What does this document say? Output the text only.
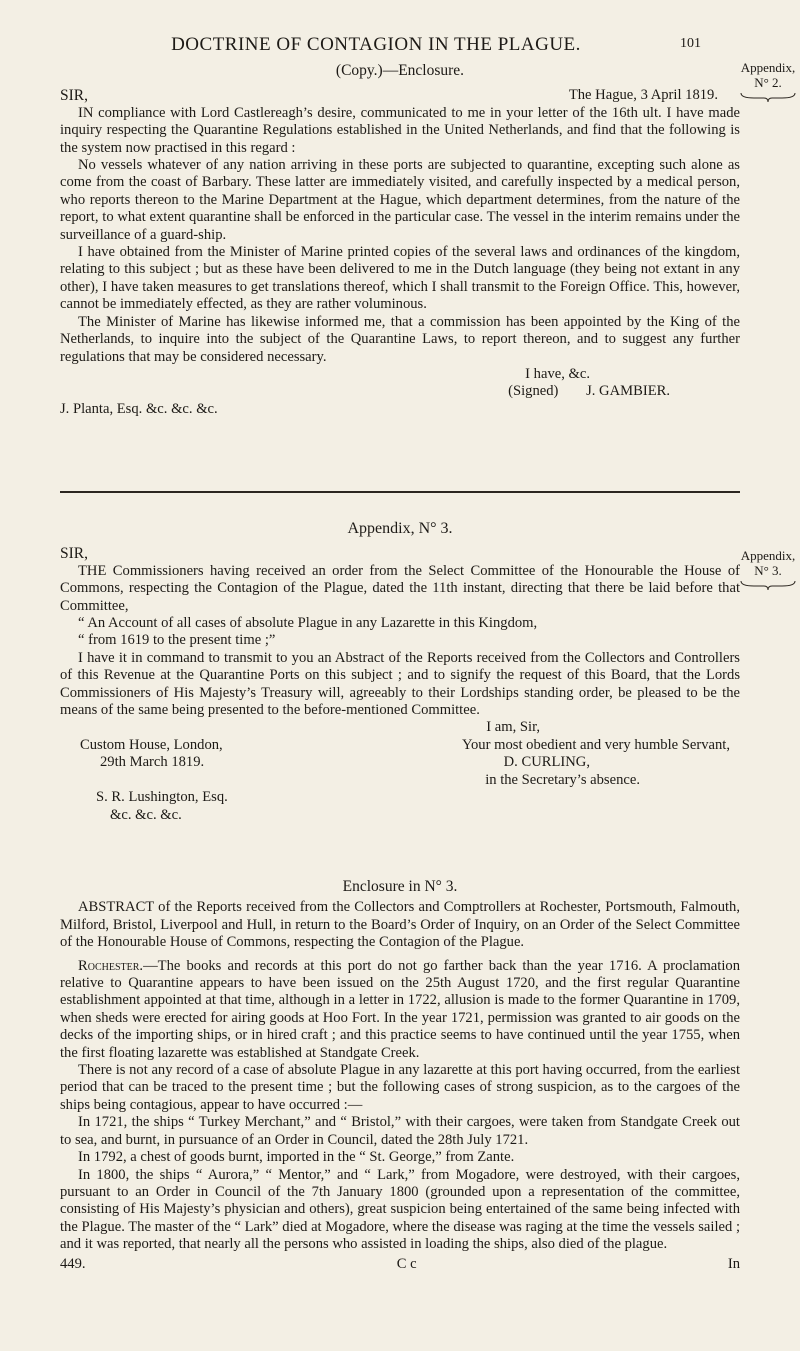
DOCTRINE OF CONTAGION IN THE PLAGUE.	101
Appendix,
N° 2.
(Copy.)—Enclosure.
SIR,	The Hague, 3 April 1819.

IN compliance with Lord Castlereagh’s desire, communicated to me in your letter of the 16th ult. I have made inquiry respecting the Quarantine Regulations established in the United Netherlands, and find that the following is the system now practised in this regard :

No vessels whatever of any nation arriving in these ports are subjected to quarantine, excepting such alone as come from the coast of Barbary. These latter are immediately visited, and carefully inspected by a medical person, who reports thereon to the Marine Department at the Hague, which department determines, from the nature of the report, to what extent quarantine shall be enforced in the particular case. The vessel in the interim remains under the surveillance of a guard-ship.

I have obtained from the Minister of Marine printed copies of the several laws and ordinances of the kingdom, relating to this subject ; but as these have been delivered to me in the Dutch language (they being not extant in any other), I have taken measures to get translations thereof, which I shall transmit to the Foreign Office. This, however, cannot be immediately effected, as they are rather voluminous.

The Minister of Marine has likewise informed me, that a commission has been appointed by the King of the Netherlands, to inquire into the subject of the Quarantine Laws, to report thereon, and to suggest any further regulations that may be considered necessary.

I have, &c.
(Signed) J. GAMBIER.
J. Planta, Esq. &c. &c. &c.
Appendix, N° 3.
SIR,

THE Commissioners having received an order from the Select Committee of the Honourable the House of Commons, respecting the Contagion of the Plague, dated the 11th instant, directing that there be laid before that Committee,

“ An Account of all cases of absolute Plague in any Lazarette in this Kingdom,
“ from 1619 to the present time ;”

I have it in command to transmit to you an Abstract of the Reports received from the Collectors and Controllers of this Revenue at the Quarantine Ports on this subject ; and to signify the request of this Board, that the Lords Commissioners of His Majesty’s Treasury will, agreeably to their Lordships standing order, be pleased to be the means of the same being presented to the before-mentioned Committee.

I am, Sir,
Custom House, London,	Your most obedient and very humble Servant,
29th March 1819.	D. CURLING,
in the Secretary’s absence.
S. R. Lushington, Esq.
&c. &c. &c.
Appendix,
N° 3.
Enclosure in N° 3.

ABSTRACT of the Reports received from the Collectors and Comptrollers at Rochester, Portsmouth, Falmouth, Milford, Bristol, Liverpool and Hull, in return to the Board’s Order of Inquiry, on an Order of the Select Committee of the Honourable House of Commons, respecting the Contagion of the Plague.

Rochester.—The books and records at this port do not go farther back than the year 1716. A proclamation relative to Quarantine appears to have been issued on the 25th August 1720, and the first regular Quarantine establishment appointed at that time, although in a letter in 1722, allusion is made to the former Quarantine in 1709, when sheds were erected for airing goods at Hoo Fort. In the year 1721, permission was granted to air goods on the decks of the importing ships, or in hired craft ; and this practice seems to have continued until the year 1755, when the first floating lazarette was established at Standgate Creek.

There is not any record of a case of absolute Plague in any lazarette at this port having occurred, from the earliest period that can be traced to the present time ; but the following cases of strong suspicion, as to the cargoes of the ships being contagious, appear to have occurred :—

In 1721, the ships “ Turkey Merchant,” and “ Bristol,” with their cargoes, were taken from Standgate Creek out to sea, and burnt, in pursuance of an Order in Council, dated the 28th July 1721.

In 1792, a chest of goods burnt, imported in the “ St. George,” from Zante.

In 1800, the ships “ Aurora,” “ Mentor,” and “ Lark,” from Mogadore, were destroyed, with their cargoes, pursuant to an Order in Council of the 7th January 1800 (grounded upon a representation of the committee, consisting of His Majesty’s physician and others), great suspicion being entertained of the same being infected with the Plague. The master of the “ Lark” died at Mogadore, where the disease was raging at the time the vessels sailed ; and it was reported, that nearly all the persons who assisted in loading the ships, also died of the plague.

449.	C c	In
